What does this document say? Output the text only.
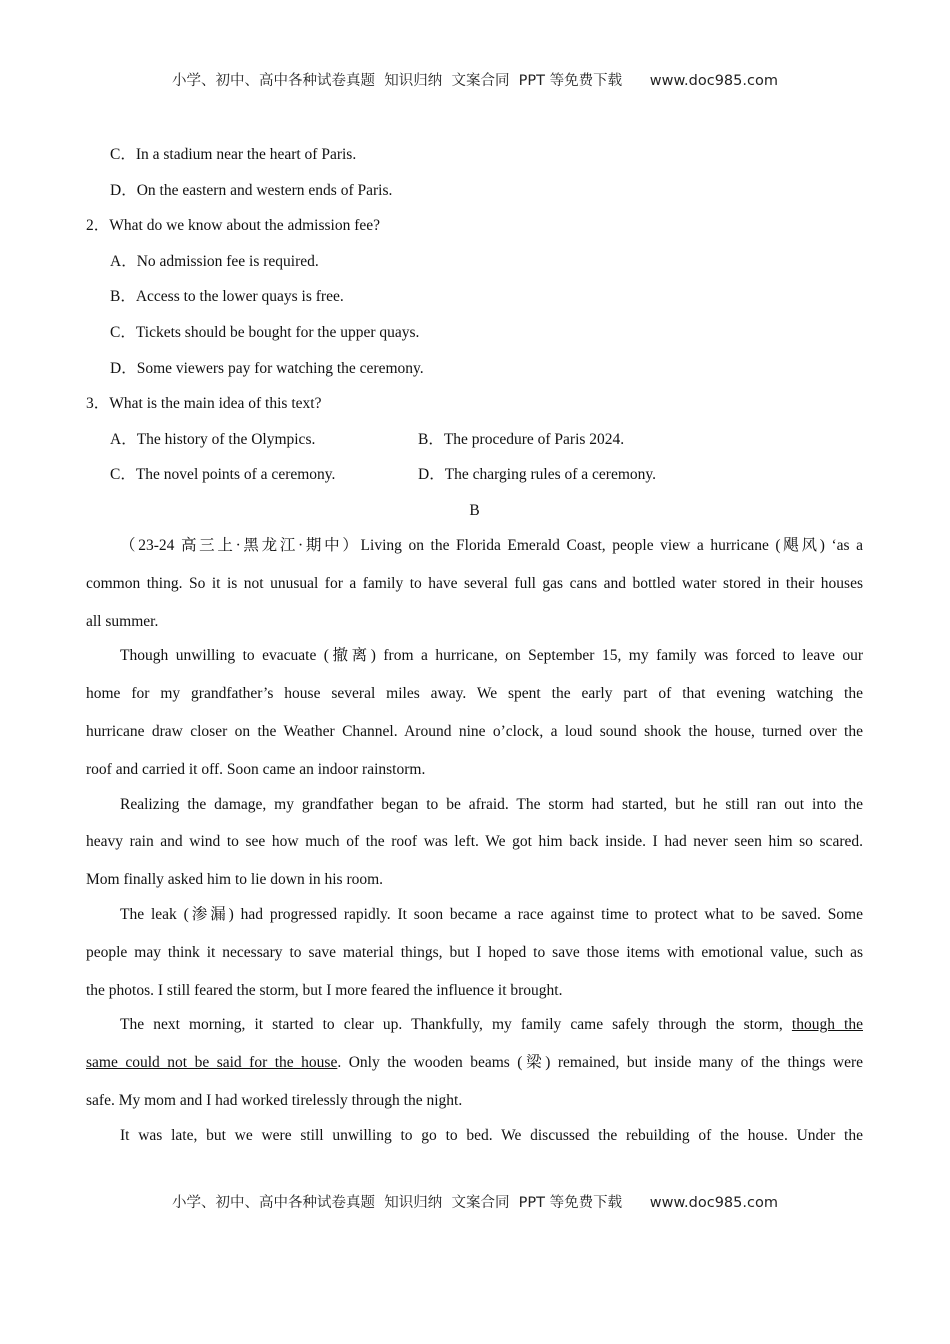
小学、初中、高中各种试卷真题  知识归纳  文案合同  PPT 等免费下载      www.doc985.com
C．In a stadium near the heart of Paris.
D．On the eastern and western ends of Paris.
2．What do we know about the admission fee?
A．No admission fee is required.
B．Access to the lower quays is free.
C．Tickets should be bought for the upper quays.
D．Some viewers pay for watching the ceremony.
3．What is the main idea of this text?
A．The history of the Olympics.	B．The procedure of Paris 2024.
C．The novel points of a ceremony.	D．The charging rules of a ceremony.
B
（23-24 高三上·黑龙江·期中）Living on the Florida Emerald Coast, people view a hurricane (飓风) ‘as a
common thing. So it is not unusual for a family to have several full gas cans and bottled water stored in their houses
all summer.
Though unwilling to evacuate (撤离) from a hurricane, on September 15, my family was forced to leave our
home for my grandfather’s house several miles away. We spent the early part of that evening watching the
hurricane draw closer on the Weather Channel. Around nine o’clock, a loud sound shook the house, turned over the
roof and carried it off. Soon came an indoor rainstorm.
Realizing the damage, my grandfather began to be afraid. The storm had started, but he still ran out into the
heavy rain and wind to see how much of the roof was left. We got him back inside. I had never seen him so scared.
Mom finally asked him to lie down in his room.
The leak (渗漏) had progressed rapidly. It soon became a race against time to protect what to be saved. Some
people may think it necessary to save material things, but I hoped to save those items with emotional value, such as
the photos. I still feared the storm, but I more feared the influence it brought.
The next morning, it started to clear up. Thankfully, my family came safely through the storm, though the
same could not be said for the house. Only the wooden beams (梁) remained, but inside many of the things were
safe. My mom and I had worked tirelessly through the night.
It was late, but we were still unwilling to go to bed. We discussed the rebuilding of the house. Under the
小学、初中、高中各种试卷真题  知识归纳  文案合同  PPT 等免费下载      www.doc985.com
